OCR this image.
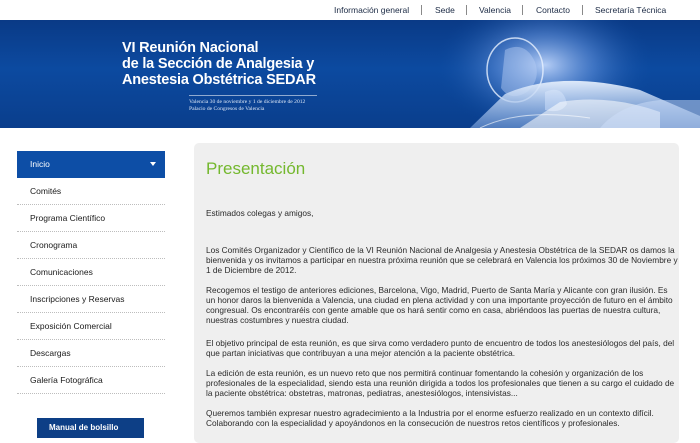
Información general	Sede	Valencia	Contacto	Secretaría Técnica
VI Reunión Nacional
de la Sección de Analgesia y
Anestesia Obstétrica SEDAR
Valencia 30 de noviembre y 1 de diciembre de 2012
Palacio de Congresos de Valencia
Inicio
Comités
Programa Científico
Cronograma
Comunicaciones
Inscripciones y Reservas
Exposición Comercial
Descargas
Galería Fotográfica
Manual de bolsillo
Presentación

Estimados colegas y amigos,

Los Comités Organizador y Científico de la VI Reunión Nacional de Analgesia y Anestesia Obstétrica de la SEDAR os damos la bienvenida y os invitamos a participar en nuestra próxima reunión que se celebrará en Valencia los próximos 30 de Noviembre y 1 de Diciembre de 2012.

Recogemos el testigo de anteriores ediciones, Barcelona, Vigo, Madrid, Puerto de Santa María y Alicante con gran ilusión. Es un honor daros la bienvenida a Valencia, una ciudad en plena actividad y con una importante proyección de futuro en el ámbito congresual. Os encontraréis con gente amable que os hará sentir como en casa, abriéndoos las puertas de nuestra cultura, nuestras costumbres y nuestra ciudad.

El objetivo principal de esta reunión, es que sirva como verdadero punto de encuentro de todos los anestesiólogos del país, del que partan iniciativas que contribuyan a una mejor atención a la paciente obstétrica.

La edición de esta reunión, es un nuevo reto que nos permitirá continuar fomentando la cohesión y organización de los profesionales de la especialidad, siendo esta una reunión dirigida a todos los profesionales que tienen a su cargo el cuidado de la paciente obstétrica: obstetras, matronas, pediatras, anestesiólogos, intensivistas...

Queremos también expresar nuestro agradecimiento a la Industria por el enorme esfuerzo realizado en un contexto difícil. Colaborando con la especialidad y apoyándonos en la consecución de nuestros retos científicos y profesionales.
